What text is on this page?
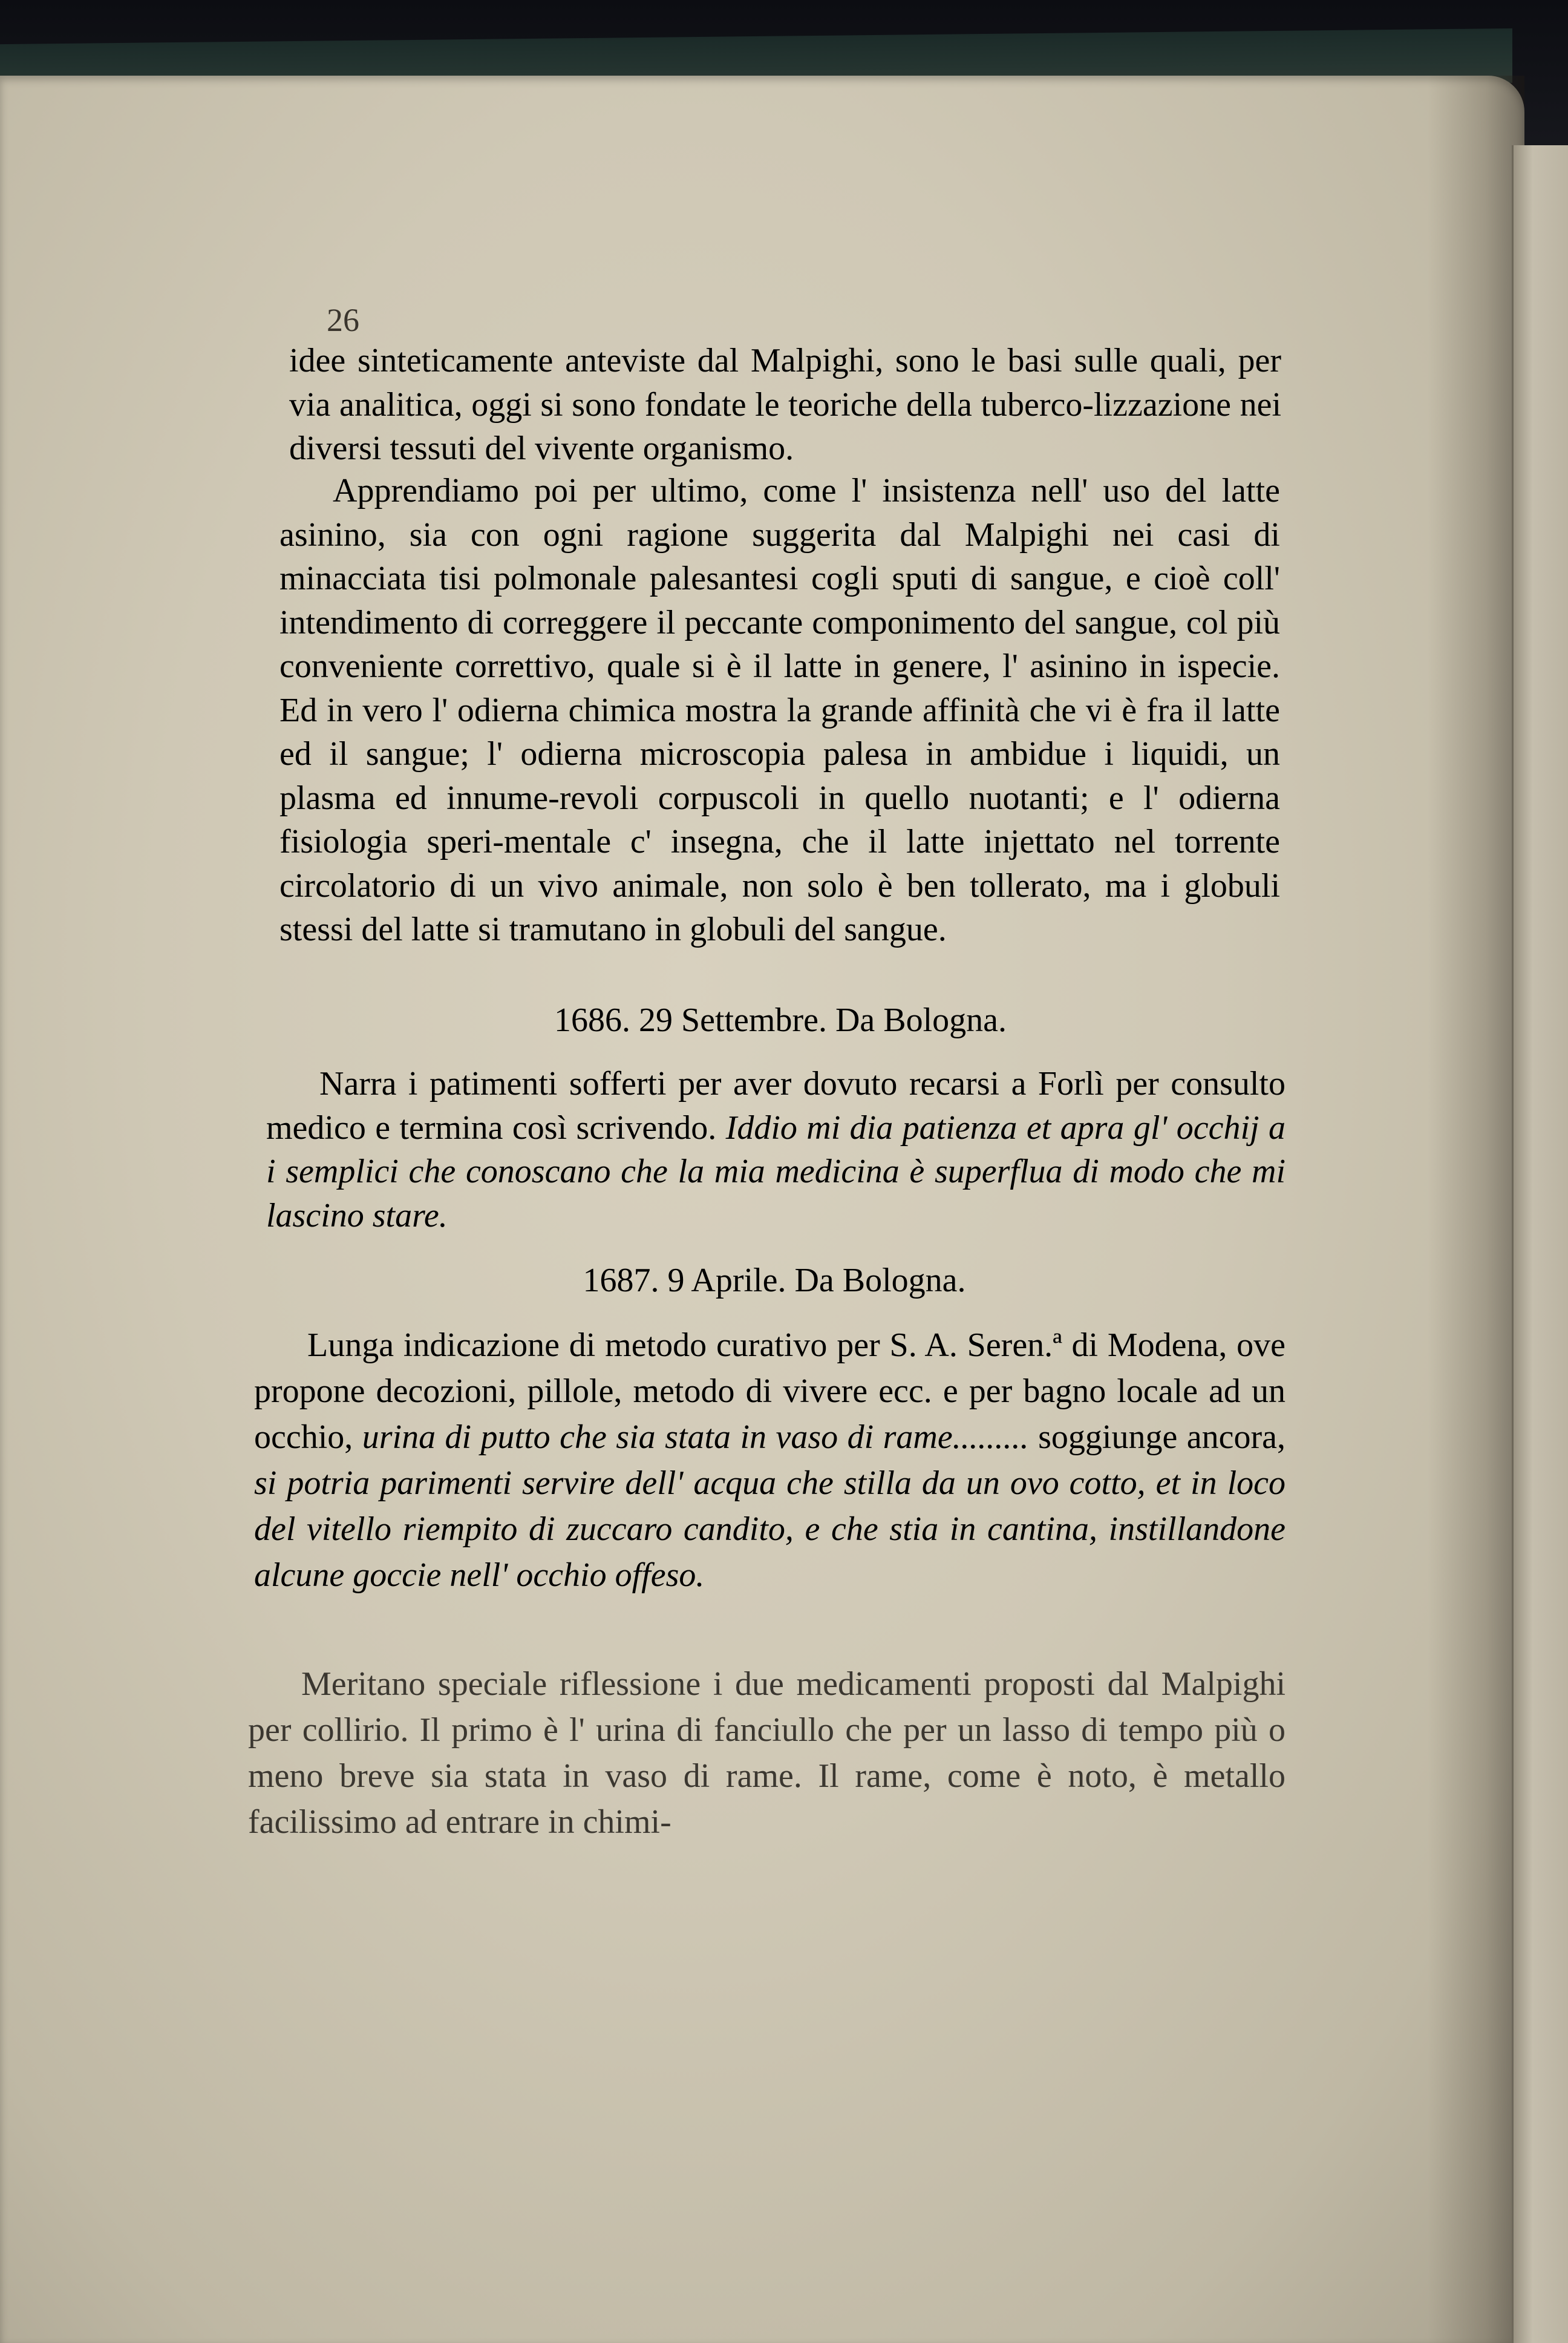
26

idee sinteticamente anteviste dal Malpighi, sono le basi sulle quali, per via analitica, oggi si sono fondate le teoriche della tuberco-lizzazione nei diversi tessuti del vivente organismo.

Apprendiamo poi per ultimo, come l' insistenza nell' uso del latte asinino, sia con ogni ragione suggerita dal Malpighi nei casi di minacciata tisi polmonale palesantesi cogli sputi di sangue, e cioè coll' intendimento di correggere il peccante componimento del sangue, col più conveniente correttivo, quale si è il latte in genere, l' asinino in ispecie. Ed in vero l' odierna chimica mostra la grande affinità che vi è fra il latte ed il sangue; l' odierna microscopia palesa in ambidue i liquidi, un plasma ed innume-revoli corpuscoli in quello nuotanti; e l' odierna fisiologia speri-mentale c' insegna, che il latte injettato nel torrente circolatorio di un vivo animale, non solo è ben tollerato, ma i globuli stessi del latte si tramutano in globuli del sangue.

1686. 29 Settembre. Da Bologna.

Narra i patimenti sofferti per aver dovuto recarsi a Forlì per consulto medico e termina così scrivendo. Iddio mi dia patienza et apra gl' occhij a i semplici che conoscano che la mia medicina è superflua di modo che mi lascino stare.

1687. 9 Aprile. Da Bologna.

Lunga indicazione di metodo curativo per S. A. Seren.ª di Modena, ove propone decozioni, pillole, metodo di vivere ecc. e per bagno locale ad un occhio, urina di putto che sia stata in vaso di rame......... soggiunge ancora, si potria parimenti servire dell' acqua che stilla da un ovo cotto, et in loco del vitello riempito di zuccaro candito, e che stia in cantina, instillandone alcune goccie nell' occhio offeso.

Meritano speciale riflessione i due medicamenti proposti dal Malpighi per collirio. Il primo è l' urina di fanciullo che per un lasso di tempo più o meno breve sia stata in vaso di rame. Il rame, come è noto, è metallo facilissimo ad entrare in chimi-
